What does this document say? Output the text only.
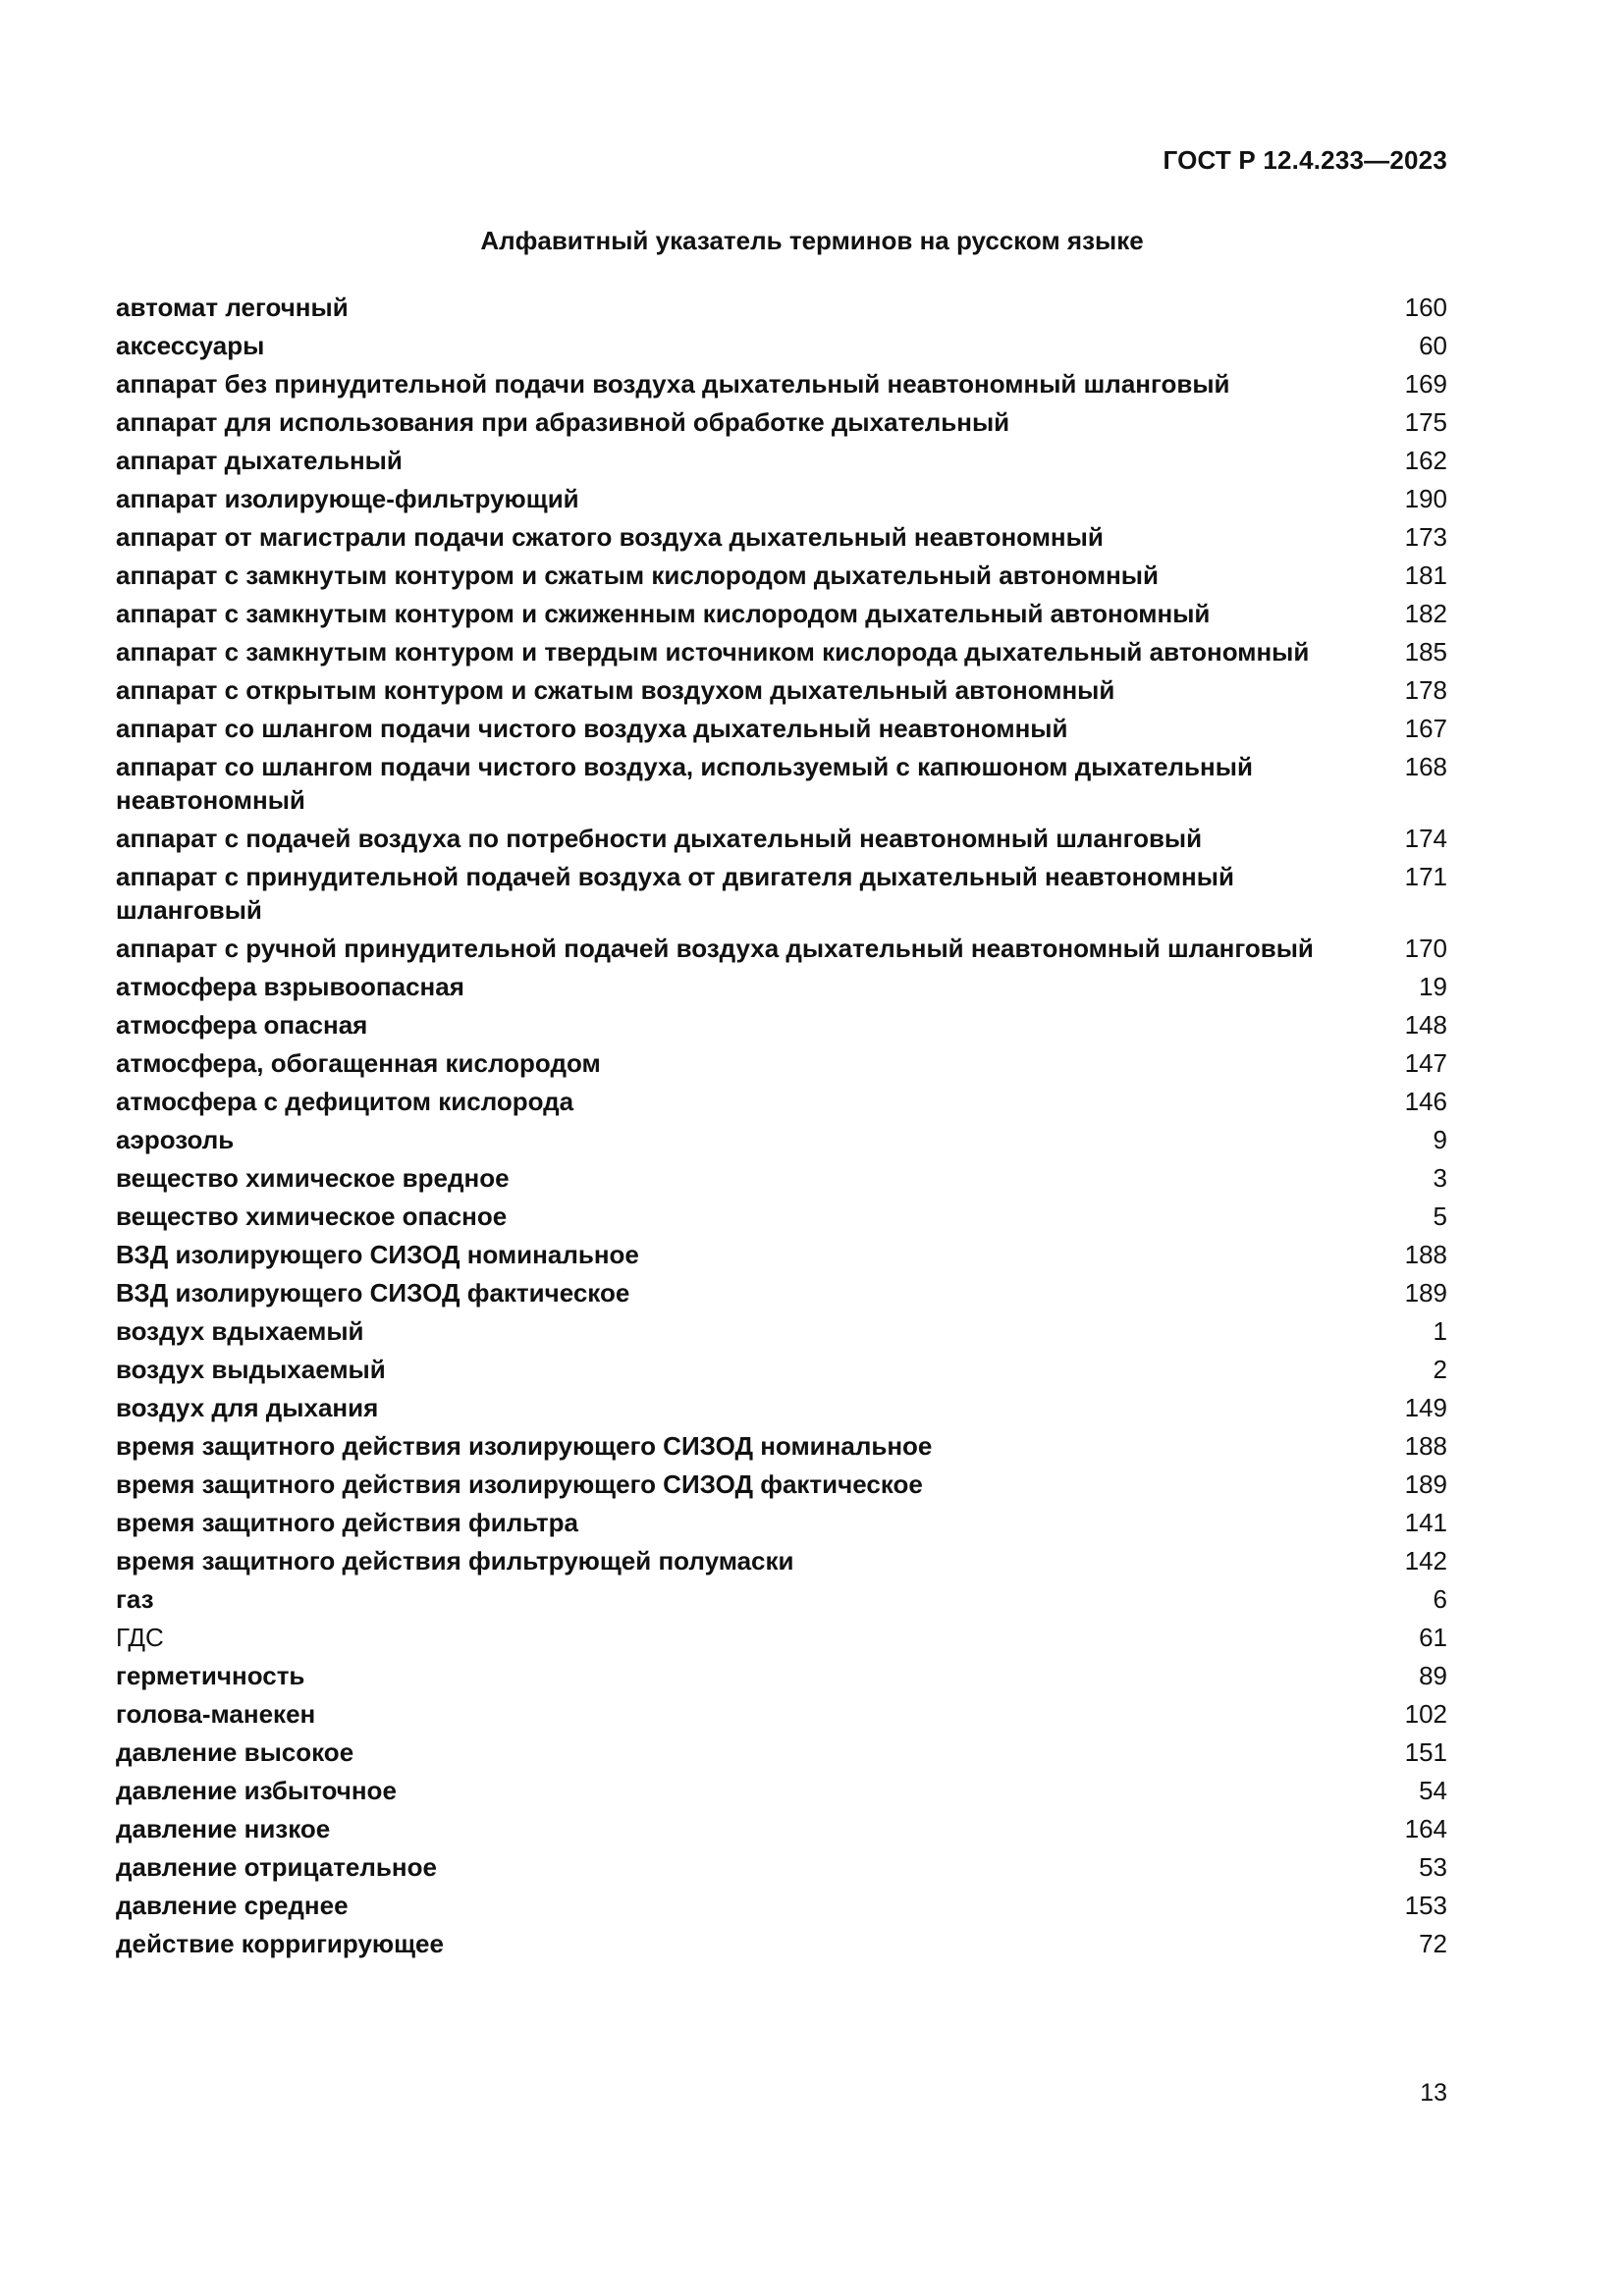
ГОСТ Р 12.4.233—2023
Алфавитный указатель терминов на русском языке
автомат легочный	160
аксессуары	60
аппарат без принудительной подачи воздуха дыхательный неавтономный шланговый	169
аппарат для использования при абразивной обработке дыхательный	175
аппарат дыхательный	162
аппарат изолирующе-фильтрующий	190
аппарат от магистрали подачи сжатого воздуха дыхательный неавтономный	173
аппарат с замкнутым контуром и сжатым кислородом дыхательный автономный	181
аппарат с замкнутым контуром и сжиженным кислородом дыхательный автономный	182
аппарат с замкнутым контуром и твердым источником кислорода дыхательный автономный	185
аппарат с открытым контуром и сжатым воздухом дыхательный автономный	178
аппарат со шлангом подачи чистого воздуха дыхательный неавтономный	167
аппарат со шлангом подачи чистого воздуха, используемый с капюшоном дыхательный неавтономный
168
аппарат с подачей воздуха по потребности дыхательный неавтономный шланговый	174
аппарат с принудительной подачей воздуха от двигателя дыхательный неавтономный шланговый
171
аппарат с ручной принудительной подачей воздуха дыхательный неавтономный шланговый	170
атмосфера взрывоопасная	19
атмосфера опасная	148
атмосфера, обогащенная кислородом	147
атмосфера с дефицитом кислорода	146
аэрозоль	9
вещество химическое вредное	3
вещество химическое опасное	5
ВЗД изолирующего СИЗОД номинальное	188
ВЗД изолирующего СИЗОД фактическое	189
воздух вдыхаемый	1
воздух выдыхаемый	2
воздух для дыхания	149
время защитного действия изолирующего СИЗОД номинальное	188
время защитного действия изолирующего СИЗОД фактическое	189
время защитного действия фильтра	141
время защитного действия фильтрующей полумаски	142
газ	6
ГДС	61
герметичность	89
голова-манекен	102
давление высокое	151
давление избыточное	54
давление низкое	164
давление отрицательное	53
давление среднее	153
действие корригирующее	72
13
